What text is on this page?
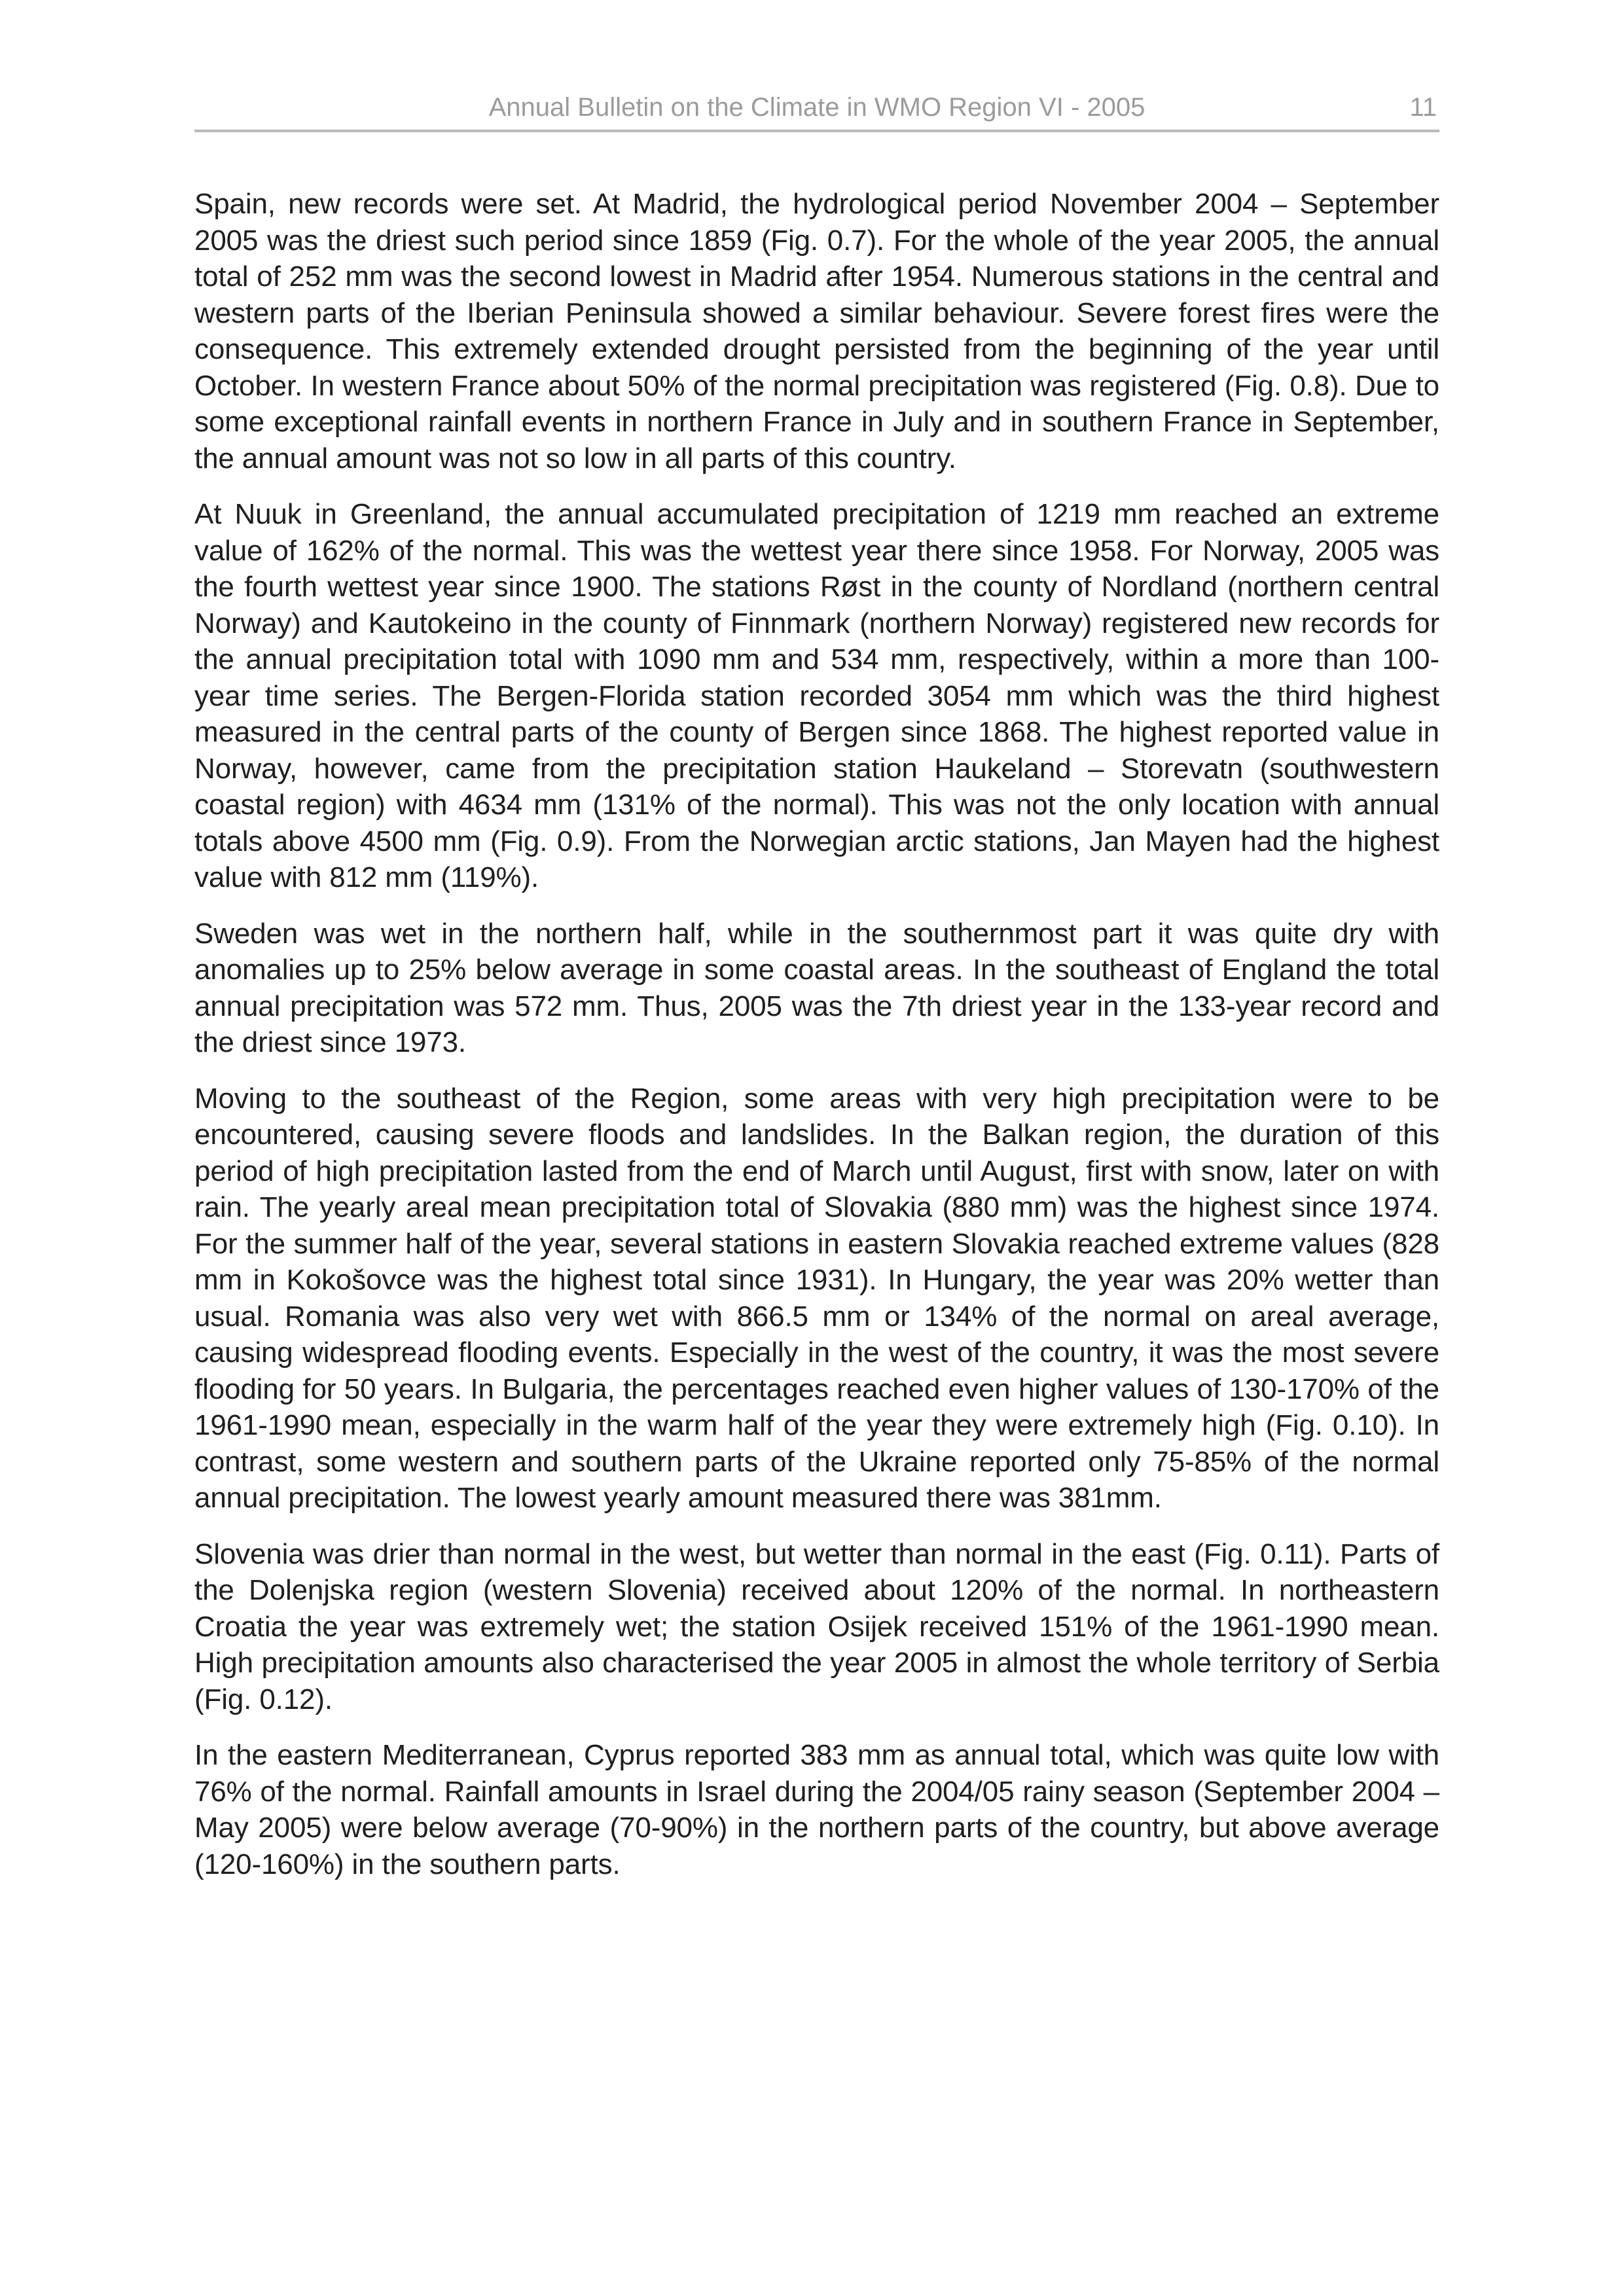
Annual Bulletin on the Climate in WMO Region VI - 2005	11

Spain, new records were set. At Madrid, the hydrological period November 2004 – September 2005 was the driest such period since 1859 (Fig. 0.7). For the whole of the year 2005, the annual total of 252 mm was the second lowest in Madrid after 1954. Numerous stations in the central and western parts of the Iberian Peninsula showed a similar behaviour. Severe forest fires were the consequence. This extremely extended drought persisted from the beginning of the year until October. In western France about 50% of the normal precipitation was registered (Fig. 0.8). Due to some exceptional rainfall events in northern France in July and in southern France in September, the annual amount was not so low in all parts of this country.

At Nuuk in Greenland, the annual accumulated precipitation of 1219 mm reached an extreme value of 162% of the normal. This was the wettest year there since 1958. For Norway, 2005 was the fourth wettest year since 1900. The stations Røst in the county of Nordland (northern central Norway) and Kautokeino in the county of Finnmark (northern Norway) registered new records for the annual precipitation total with 1090 mm and 534 mm, respectively, within a more than 100-year time series. The Bergen-Florida station recorded 3054 mm which was the third highest measured in the central parts of the county of Bergen since 1868. The highest reported value in Norway, however, came from the precipitation station Haukeland – Storevatn (southwestern coastal region) with 4634 mm (131% of the normal). This was not the only location with annual totals above 4500 mm (Fig. 0.9). From the Norwegian arctic stations, Jan Mayen had the highest value with 812 mm (119%).

Sweden was wet in the northern half, while in the southernmost part it was quite dry with anomalies up to 25% below average in some coastal areas. In the southeast of England the total annual precipitation was 572 mm. Thus, 2005 was the 7th driest year in the 133-year record and the driest since 1973.

Moving to the southeast of the Region, some areas with very high precipitation were to be encountered, causing severe floods and landslides. In the Balkan region, the duration of this period of high precipitation lasted from the end of March until August, first with snow, later on with rain. The yearly areal mean precipitation total of Slovakia (880 mm) was the highest since 1974. For the summer half of the year, several stations in eastern Slovakia reached extreme values (828 mm in Kokošovce was the highest total since 1931). In Hungary, the year was 20% wetter than usual. Romania was also very wet with 866.5 mm or 134% of the normal on areal average, causing widespread flooding events. Especially in the west of the country, it was the most severe flooding for 50 years. In Bulgaria, the percentages reached even higher values of 130-170% of the 1961-1990 mean, especially in the warm half of the year they were extremely high (Fig. 0.10). In contrast, some western and southern parts of the Ukraine reported only 75-85% of the normal annual precipitation. The lowest yearly amount measured there was 381mm.

Slovenia was drier than normal in the west, but wetter than normal in the east (Fig. 0.11). Parts of the Dolenjska region (western Slovenia) received about 120% of the normal. In northeastern Croatia the year was extremely wet; the station Osijek received 151% of the 1961-1990 mean. High precipitation amounts also characterised the year 2005 in almost the whole territory of Serbia (Fig. 0.12).

In the eastern Mediterranean, Cyprus reported 383 mm as annual total, which was quite low with 76% of the normal. Rainfall amounts in Israel during the 2004/05 rainy season (September 2004 – May 2005) were below average (70-90%) in the northern parts of the country, but above average (120-160%) in the southern parts.
